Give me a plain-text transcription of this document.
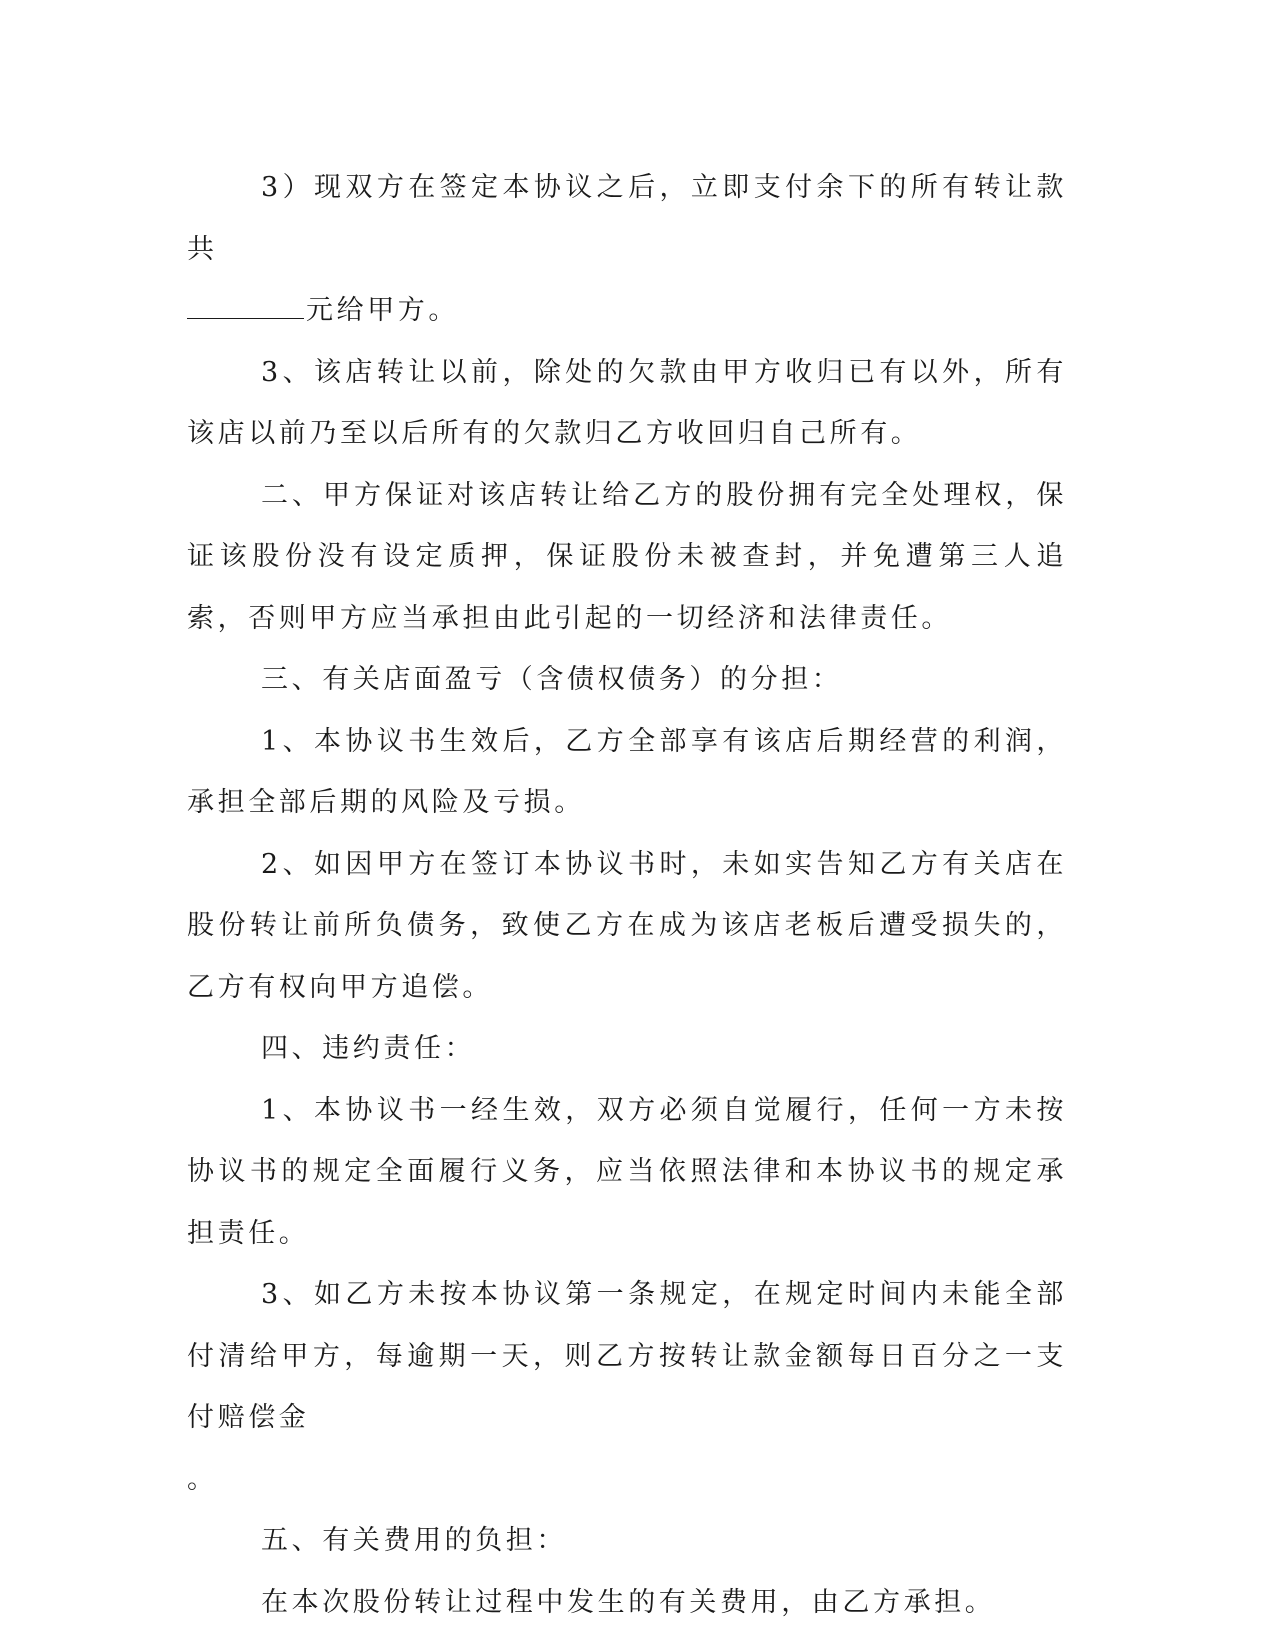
3）现双方在签定本协议之后，立即支付余下的所有转让款共

元给甲方。

3、该店转让以前，除处的欠款由甲方收归已有以外，所有该店以前乃至以后所有的欠款归乙方收回归自己所有。

二、甲方保证对该店转让给乙方的股份拥有完全处理权，保证该股份没有设定质押，保证股份未被查封，并免遭第三人追索，否则甲方应当承担由此引起的一切经济和法律责任。

三、有关店面盈亏（含债权债务）的分担：

1、本协议书生效后，乙方全部享有该店后期经营的利润，承担全部后期的风险及亏损。

2、如因甲方在签订本协议书时，未如实告知乙方有关店在股份转让前所负债务，致使乙方在成为该店老板后遭受损失的，乙方有权向甲方追偿。

四、违约责任：

1、本协议书一经生效，双方必须自觉履行，任何一方未按协议书的规定全面履行义务，应当依照法律和本协议书的规定承担责任。

3、如乙方未按本协议第一条规定，在规定时间内未能全部付清给甲方，每逾期一天，则乙方按转让款金额每日百分之一支付赔偿金

。

五、有关费用的负担：

在本次股份转让过程中发生的有关费用，由乙方承担。
